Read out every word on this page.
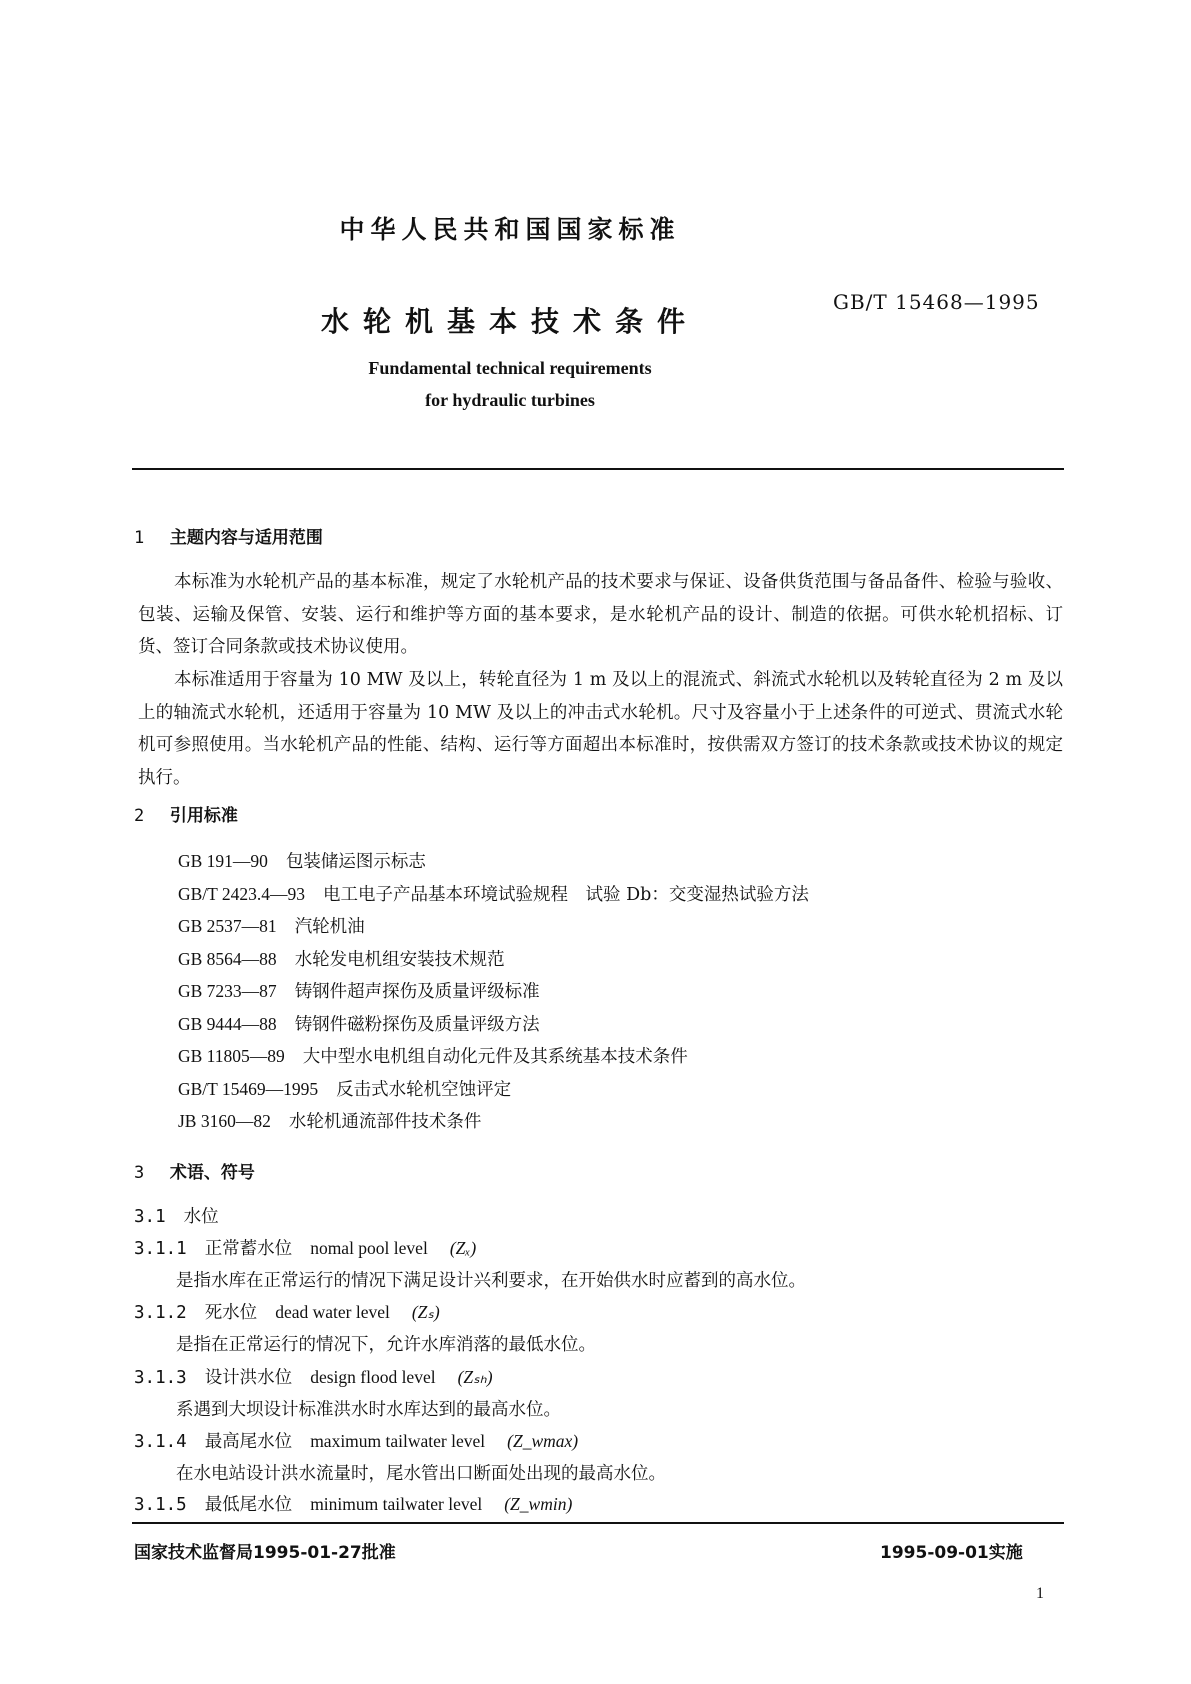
中华人民共和国国家标准

水轮机基本技术条件

GB/T 15468—1995

Fundamental technical requirements

for hydraulic turbines

1 主题内容与适用范围

本标准为水轮机产品的基本标准，规定了水轮机产品的技术要求与保证、设备供货范围与备品备件、检验与验收、包装、运输及保管、安装、运行和维护等方面的基本要求，是水轮机产品的设计、制造的依据。可供水轮机招标、订货、签订合同条款或技术协议使用。

本标准适用于容量为 10 MW 及以上，转轮直径为 1 m 及以上的混流式、斜流式水轮机以及转轮直径为 2 m 及以上的轴流式水轮机，还适用于容量为 10 MW 及以上的冲击式水轮机。尺寸及容量小于上述条件的可逆式、贯流式水轮机可参照使用。当水轮机产品的性能、结构、运行等方面超出本标准时，按供需双方签订的技术条款或技术协议的规定执行。

2 引用标准
GB 191—90 包装储运图示标志
GB/T 2423.4—93 电工电子产品基本环境试验规程　试验 Db：交变湿热试验方法
GB 2537—81 汽轮机油
GB 8564—88 水轮发电机组安装技术规范
GB 7233—87 铸钢件超声探伤及质量评级标准
GB 9444—88 铸钢件磁粉探伤及质量评级方法
GB 11805—89 大中型水电机组自动化元件及其系统基本技术条件
GB/T 15469—1995 反击式水轮机空蚀评定
JB 3160—82 水轮机通流部件技术条件
3 术语、符号
3.1 水位
3.1.1 正常蓄水位 nomal pool level (Zₓ)

是指水库在正常运行的情况下满足设计兴利要求，在开始供水时应蓄到的高水位。

3.1.2 死水位 dead water level (Zₛ)

是指在正常运行的情况下，允许水库消落的最低水位。

3.1.3 设计洪水位 design flood level (Zₛₕ)

系遇到大坝设计标准洪水时水库达到的最高水位。

3.1.4 最高尾水位 maximum tailwater level (Z_wmax)

在水电站设计洪水流量时，尾水管出口断面处出现的最高水位。

3.1.5 最低尾水位 minimum tailwater level (Z_wmin)

国家技术监督局1995-01-27批准	1995-09-01实施

1
